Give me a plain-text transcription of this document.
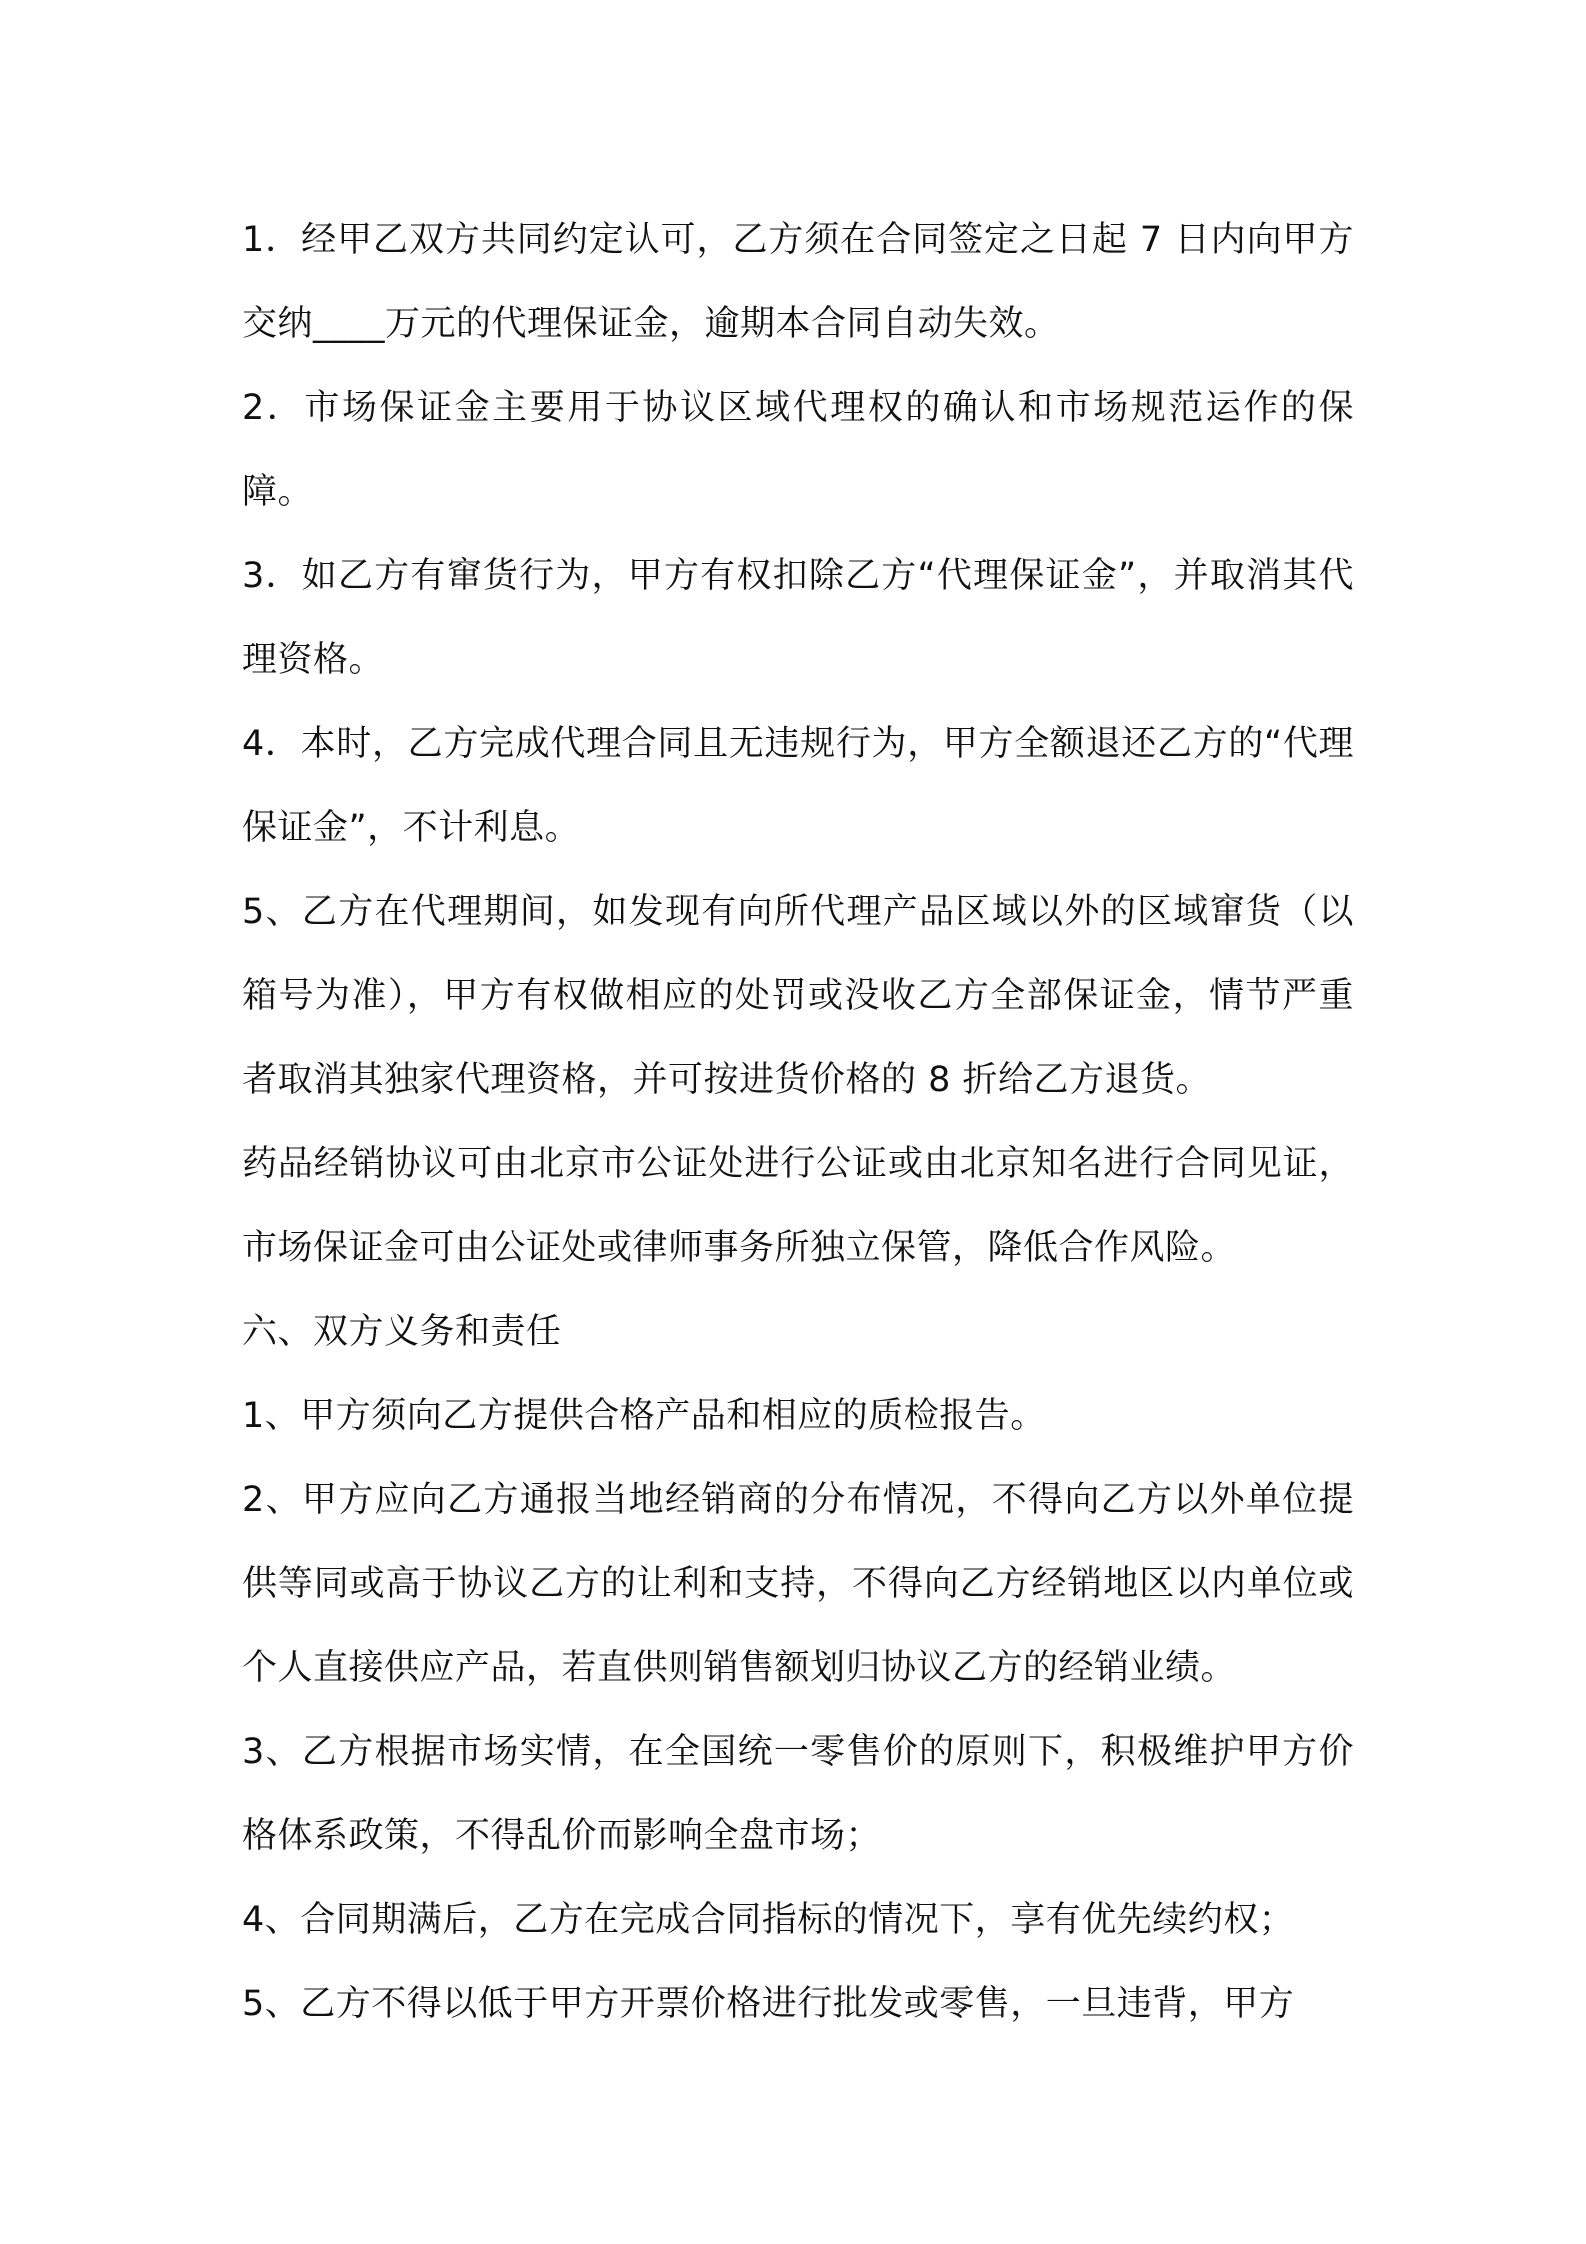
1．经甲乙双方共同约定认可，乙方须在合同签定之日起 7 日内向甲方交纳____万元的代理保证金，逾期本合同自动失效。

2．市场保证金主要用于协议区域代理权的确认和市场规范运作的保障。

3．如乙方有窜货行为，甲方有权扣除乙方“代理保证金”，并取消其代理资格。

4．本时，乙方完成代理合同且无违规行为，甲方全额退还乙方的“代理保证金”，不计利息。

5、乙方在代理期间，如发现有向所代理产品区域以外的区域窜货（以箱号为准），甲方有权做相应的处罚或没收乙方全部保证金，情节严重者取消其独家代理资格，并可按进货价格的 8 折给乙方退货。

药品经销协议可由北京市公证处进行公证或由北京知名进行合同见证，市场保证金可由公证处或律师事务所独立保管，降低合作风险。

六、双方义务和责任

1、甲方须向乙方提供合格产品和相应的质检报告。

2、甲方应向乙方通报当地经销商的分布情况，不得向乙方以外单位提供等同或高于协议乙方的让利和支持，不得向乙方经销地区以内单位或个人直接供应产品，若直供则销售额划归协议乙方的经销业绩。

3、乙方根据市场实情，在全国统一零售价的原则下，积极维护甲方价格体系政策，不得乱价而影响全盘市场；

4、合同期满后，乙方在完成合同指标的情况下，享有优先续约权；

5、乙方不得以低于甲方开票价格进行批发或零售，一旦违背，甲方
